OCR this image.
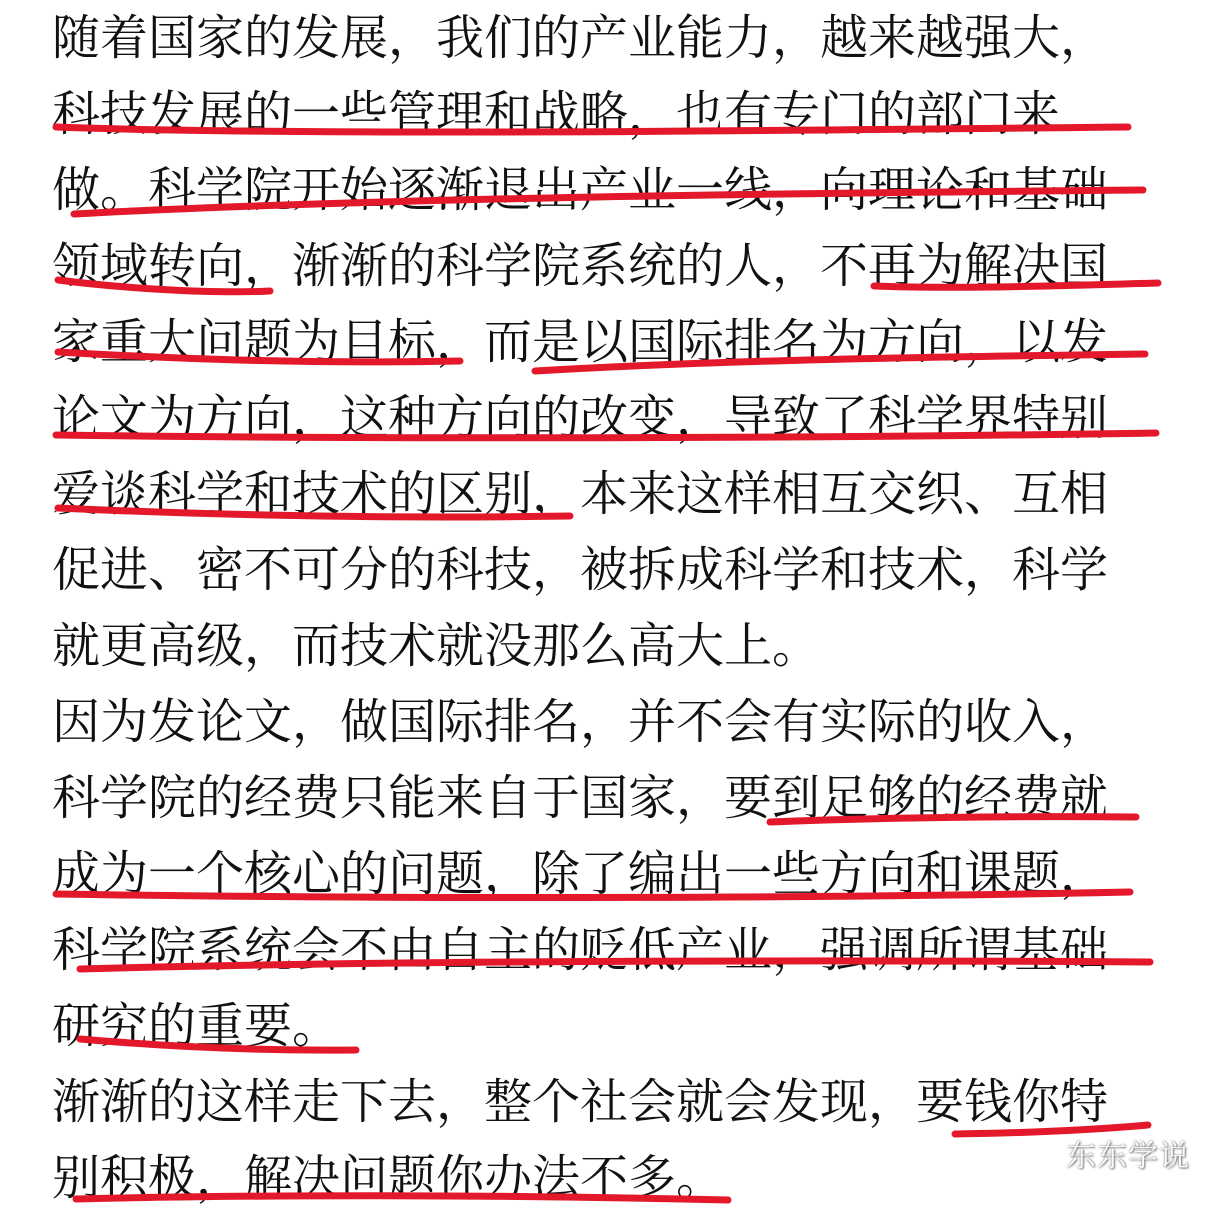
随着国家的发展，我们的产业能力，越来越强大，
科技发展的一些管理和战略，也有专门的部门来
做。科学院开始逐渐退出产业一线，向理论和基础
领域转向，渐渐的科学院系统的人，不再为解决国
家重大问题为目标，而是以国际排名为方向，以发
论文为方向，这种方向的改变，导致了科学界特别
爱谈科学和技术的区别，本来这样相互交织、互相
促进、密不可分的科技，被拆成科学和技术，科学
就更高级，而技术就没那么高大上。
因为发论文，做国际排名，并不会有实际的收入，
科学院的经费只能来自于国家，要到足够的经费就
成为一个核心的问题，除了编出一些方向和课题，
科学院系统会不由自主的贬低产业，强调所谓基础
研究的重要。
渐渐的这样走下去，整个社会就会发现，要钱你特
别积极，解决问题你办法不多。	东东学说
